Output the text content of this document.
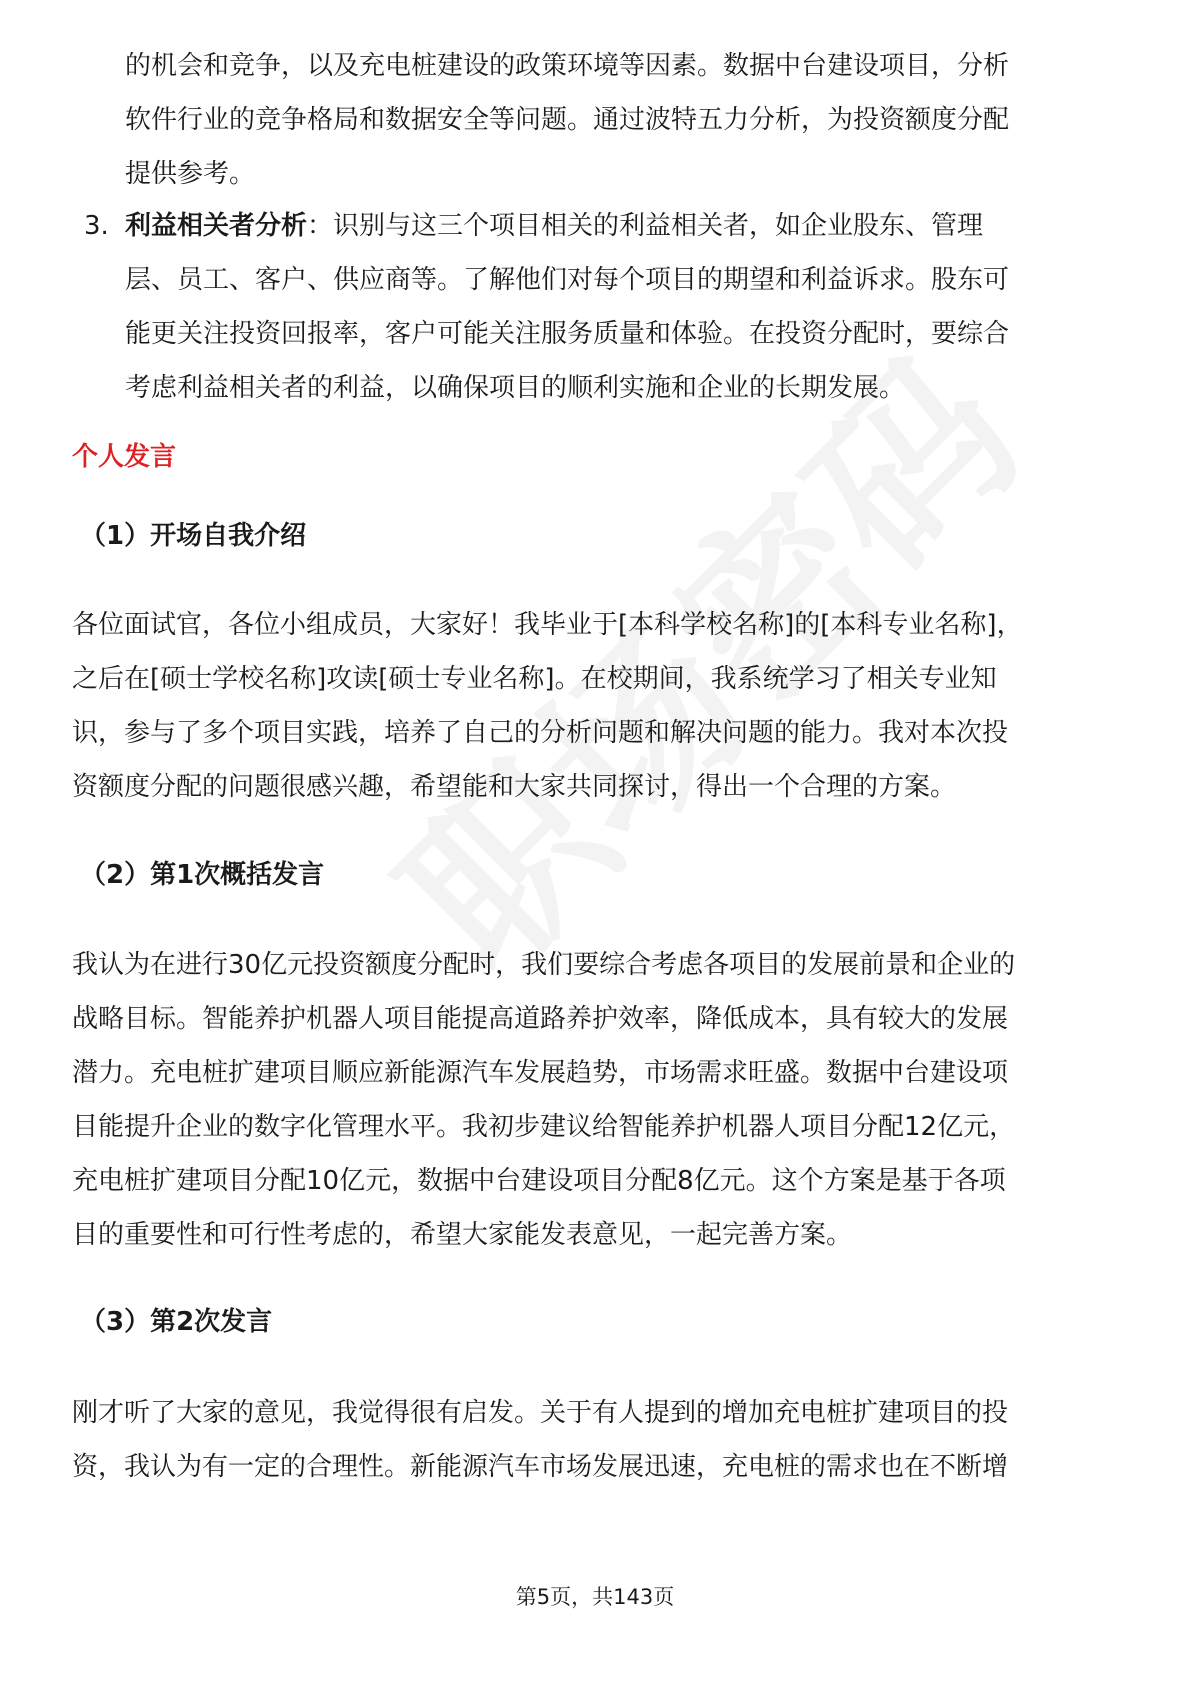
的机会和竞争，以及充电桩建设的政策环境等因素。数据中台建设项目，分析
软件行业的竞争格局和数据安全等问题。通过波特五力分析，为投资额度分配
提供参考。
3. 利益相关者分析：识别与这三个项目相关的利益相关者，如企业股东、管理
层、员工、客户、供应商等。了解他们对每个项目的期望和利益诉求。股东可
能更关注投资回报率，客户可能关注服务质量和体验。在投资分配时，要综合
考虑利益相关者的利益，以确保项目的顺利实施和企业的长期发展。
个人发言
（1）开场自我介绍
各位面试官，各位小组成员，大家好！我毕业于[本科学校名称]的[本科专业名称]，
之后在[硕士学校名称]攻读[硕士专业名称]。在校期间，我系统学习了相关专业知
识，参与了多个项目实践，培养了自己的分析问题和解决问题的能力。我对本次投
资额度分配的问题很感兴趣，希望能和大家共同探讨，得出一个合理的方案。
（2）第1次概括发言
我认为在进行30亿元投资额度分配时，我们要综合考虑各项目的发展前景和企业的
战略目标。智能养护机器人项目能提高道路养护效率，降低成本，具有较大的发展
潜力。充电桩扩建项目顺应新能源汽车发展趋势，市场需求旺盛。数据中台建设项
目能提升企业的数字化管理水平。我初步建议给智能养护机器人项目分配12亿元，
充电桩扩建项目分配10亿元，数据中台建设项目分配8亿元。这个方案是基于各项
目的重要性和可行性考虑的，希望大家能发表意见，一起完善方案。
（3）第2次发言
刚才听了大家的意见，我觉得很有启发。关于有人提到的增加充电桩扩建项目的投
资，我认为有一定的合理性。新能源汽车市场发展迅速，充电桩的需求也在不断增
第5页，共143页
